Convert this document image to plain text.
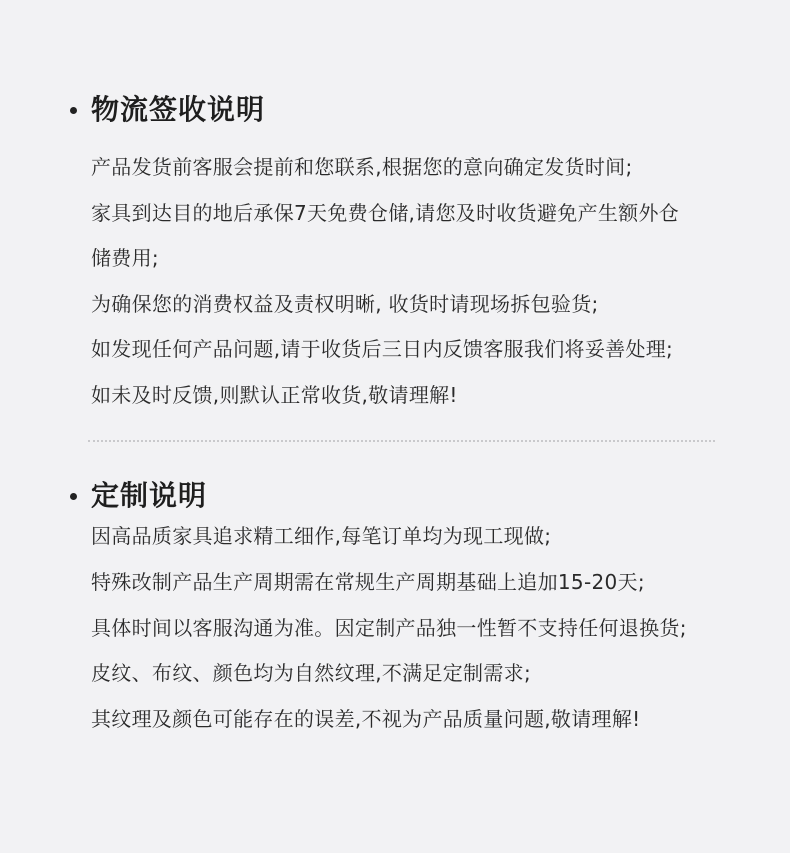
物流签收说明
产品发货前客服会提前和您联系,根据您的意向确定发货时间;
家具到达目的地后承保7天免费仓储,请您及时收货避免产生额外仓
储费用;
为确保您的消费权益及责权明晰, 收货时请现场拆包验货;
如发现任何产品问题,请于收货后三日内反馈客服我们将妥善处理;
如未及时反馈,则默认正常收货,敬请理解!
定制说明
因高品质家具追求精工细作,每笔订单均为现工现做;
特殊改制产品生产周期需在常规生产周期基础上追加15-20天;
具体时间以客服沟通为准。因定制产品独一性暂不支持任何退换货;
皮纹、布纹、颜色均为自然纹理,不满足定制需求;
其纹理及颜色可能存在的误差,不视为产品质量问题,敬请理解!
